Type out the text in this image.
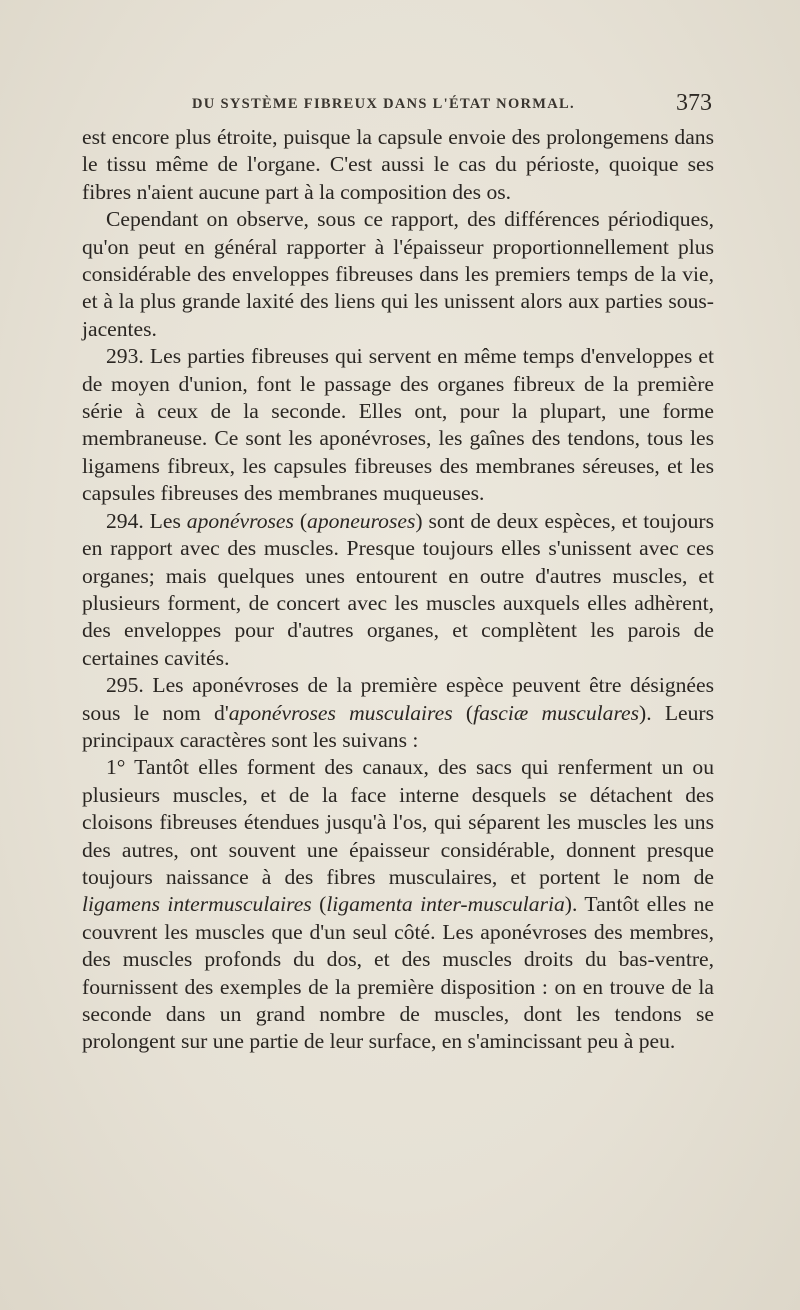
DU SYSTÈME FIBREUX DANS L'ÉTAT NORMAL.	373

est encore plus étroite, puisque la capsule envoie des prolongemens dans le tissu même de l'organe. C'est aussi le cas du périoste, quoique ses fibres n'aient aucune part à la composition des os.

Cependant on observe, sous ce rapport, des différences périodiques, qu'on peut en général rapporter à l'épaisseur proportionnellement plus considérable des enveloppes fibreuses dans les premiers temps de la vie, et à la plus grande laxité des liens qui les unissent alors aux parties sous-jacentes.

293. Les parties fibreuses qui servent en même temps d'enveloppes et de moyen d'union, font le passage des organes fibreux de la première série à ceux de la seconde. Elles ont, pour la plupart, une forme membraneuse. Ce sont les aponévroses, les gaînes des tendons, tous les ligamens fibreux, les capsules fibreuses des membranes séreuses, et les capsules fibreuses des membranes muqueuses.

294. Les aponévroses (aponeuroses) sont de deux espèces, et toujours en rapport avec des muscles. Presque toujours elles s'unissent avec ces organes; mais quelques unes entourent en outre d'autres muscles, et plusieurs forment, de concert avec les muscles auxquels elles adhèrent, des enveloppes pour d'autres organes, et complètent les parois de certaines cavités.

295. Les aponévroses de la première espèce peuvent être désignées sous le nom d'aponévroses musculaires (fasciæ musculares). Leurs principaux caractères sont les suivans :

1° Tantôt elles forment des canaux, des sacs qui renferment un ou plusieurs muscles, et de la face interne desquels se détachent des cloisons fibreuses étendues jusqu'à l'os, qui séparent les muscles les uns des autres, ont souvent une épaisseur considérable, donnent presque toujours naissance à des fibres musculaires, et portent le nom de ligamens intermusculaires (ligamenta inter-muscularia). Tantôt elles ne couvrent les muscles que d'un seul côté. Les aponévroses des membres, des muscles profonds du dos, et des muscles droits du bas-ventre, fournissent des exemples de la première disposition : on en trouve de la seconde dans un grand nombre de muscles, dont les tendons se prolongent sur une partie de leur surface, en s'amincissant peu à peu.
